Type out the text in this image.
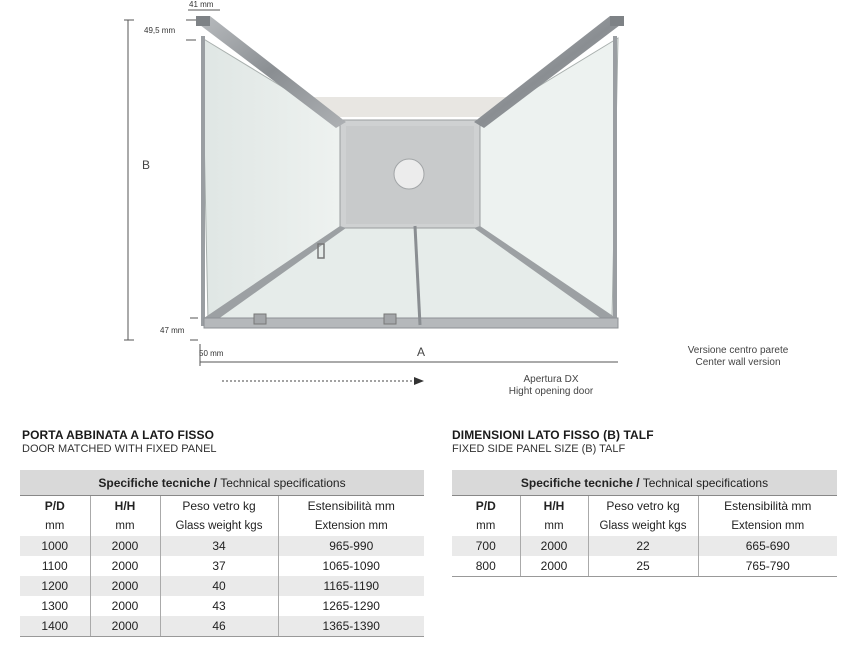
41 mm
49,5 mm
B
47 mm
50 mm	A
Apertura DX
Hight opening door
Versione centro parete
Center wall version
PORTA ABBINATA A LATO FISSO
DOOR MATCHED WITH FIXED PANEL
Specifiche tecniche / Technical specifications			
P/D	H/H	Peso vetro kg	Estensibilità mm
mm	mm	Glass weight kgs	Extension mm
1000	2000	34	965-990
1100	2000	37	1065-1090
1200	2000	40	1165-1190
1300	2000	43	1265-1290
1400	2000	46	1365-1390
DIMENSIONI LATO FISSO (B) TALF
FIXED SIDE PANEL SIZE (B) TALF
Specifiche tecniche / Technical specifications			
P/D	H/H	Peso vetro kg	Estensibilità mm
mm	mm	Glass weight kgs	Extension mm
700	2000	22	665-690
800	2000	25	765-790
